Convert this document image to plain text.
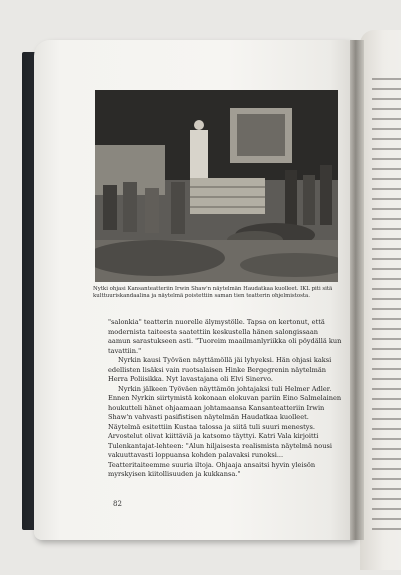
Nytki ohjasi Kansanteatteriin Irwin Shaw'n näytelmän Haudatkaa kuolleet. IKL piti sitä kulttuuriskandaalina ja näytelmä poistettiin saman tien teatterin ohjelmistosta.

"salonkia" teatterin nuorelle älymystölle. Tapsa on kertonut, että modernista taiteesta saatettiin keskustella hänen salongissaan aamun sarastukseen asti. "Tuoreim maailmanlyriikka oli pöydällä kun tavattiin."

Nyrkin kausi Työväen näyttämöllä jäi lyhyeksi. Hän ohjasi kaksi edellisten lisäksi vain ruotsalaisen Hinke Bergegrenin näytelmän Herra Poliisikka. Nyt lavastajana oli Elvi Sinervo.

Nyrkin jälkeen Työväen näyttämön johtajaksi tuli Helmer Adler. Ennen Nyrkin siirtymistä kokonaan elokuvan pariin Eino Salmelainen houkutteli hänet ohjaamaan johtamaansa Kansanteatteriin Irwin Shaw'n vahvasti pasifistisen näytelmän Haudatkaa kuolleet. Näytelmä esitettiin Kustaa talossa ja siitä tuli suuri menestys. Arvostelut olivat kiittäviä ja katsomo täyttyi. Katri Vala kirjoitti Tulenkantajat-lehteen: "Alun hiljaisesta realismista näytelmä nousi vakuuttavasti loppuansa kohden palavaksi runoksi... Teatteritaiteemme suuria iltoja. Ohjaaja ansaitsi hyvin yleisön myrskyisen kiitollisuuden ja kukkansa."

82
